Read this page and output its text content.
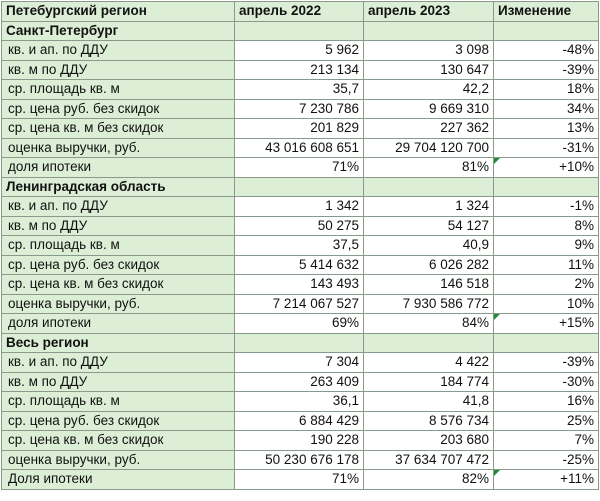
Петебургский регион	апрель 2022	апрель 2023	Изменение
Санкт-Петербург			
кв. и ап. по ДДУ	5 962	3 098	-48%
кв. м по ДДУ	213 134	130 647	-39%
ср. площадь кв. м	35,7	42,2	18%
ср. цена руб. без скидок	7 230 786	9 669 310	34%
ср. цена кв. м без скидок	201 829	227 362	13%
оценка выручки, руб.	43 016 608 651	29 704 120 700	-31%
доля ипотеки	71%	81%	+10%
Ленинградская область			
кв. и ап. по ДДУ	1 342	1 324	-1%
кв. м по ДДУ	50 275	54 127	8%
ср. площадь кв. м	37,5	40,9	9%
ср. цена руб. без скидок	5 414 632	6 026 282	11%
ср. цена кв. м без скидок	143 493	146 518	2%
оценка выручки, руб.	7 214 067 527	7 930 586 772	10%
доля ипотеки	69%	84%	+15%
Весь регион			
кв. и ап. по ДДУ	7 304	4 422	-39%
кв. м по ДДУ	263 409	184 774	-30%
ср. площадь кв. м	36,1	41,8	16%
ср. цена руб. без скидок	6 884 429	8 576 734	25%
ср. цена кв. м без скидок	190 228	203 680	7%
оценка выручки, руб.	50 230 676 178	37 634 707 472	-25%
Доля ипотеки	71%	82%	+11%
